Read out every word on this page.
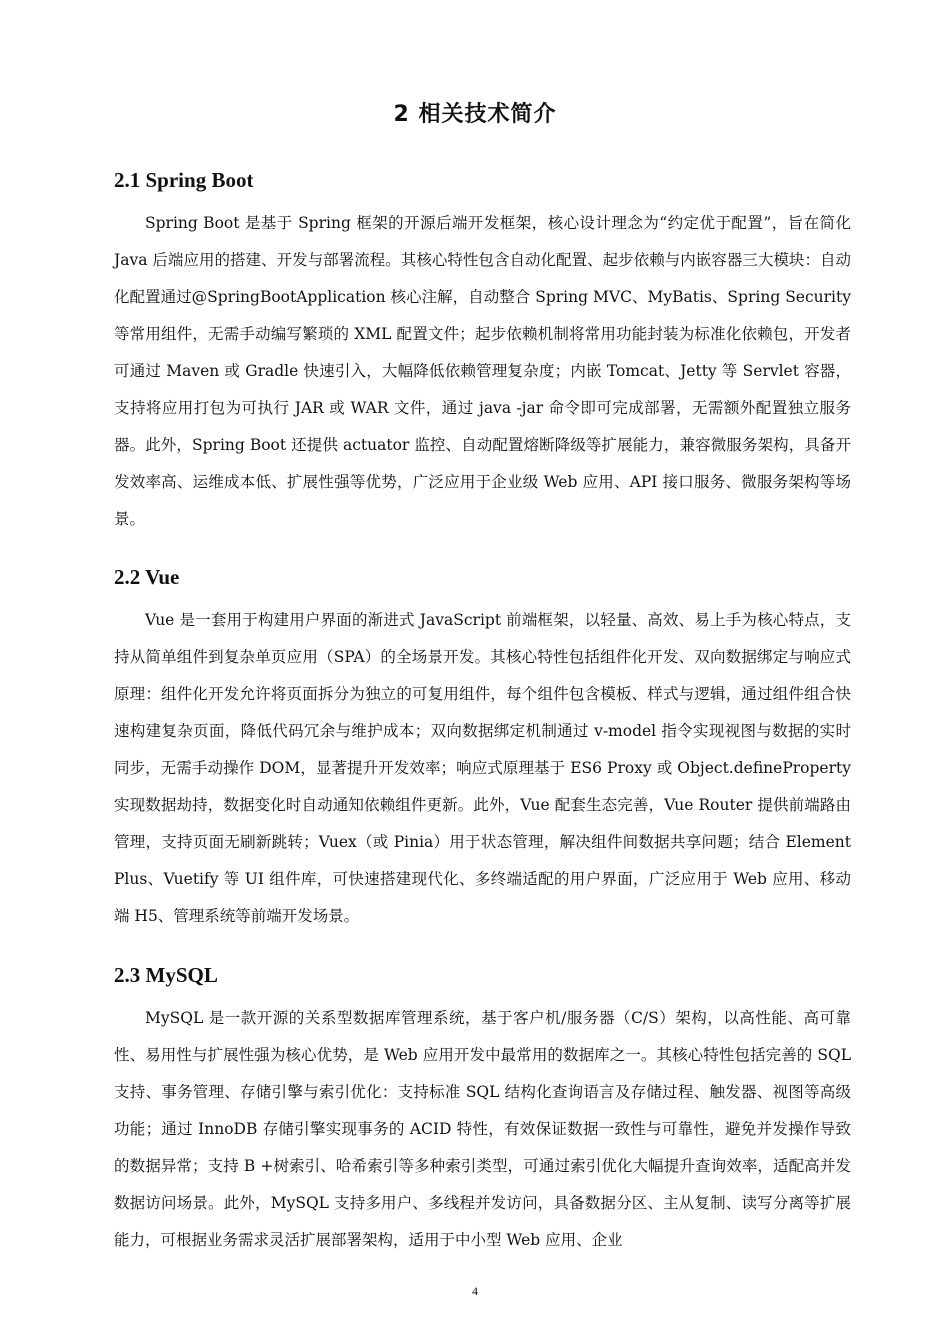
2 相关技术简介
2.1 Spring Boot

Spring Boot 是基于 Spring 框架的开源后端开发框架，核心设计理念为“约定优于配置”，旨在简化 Java 后端应用的搭建、开发与部署流程。其核心特性包含自动化配置、起步依赖与内嵌容器三大模块：自动化配置通过@SpringBootApplication 核心注解，自动整合 Spring MVC、MyBatis、Spring Security 等常用组件，无需手动编写繁琐的 XML 配置文件；起步依赖机制将常用功能封装为标准化依赖包，开发者可通过 Maven 或 Gradle 快速引入，大幅降低依赖管理复杂度；内嵌 Tomcat、Jetty 等 Servlet 容器，支持将应用打包为可执行 JAR 或 WAR 文件，通过 java -jar 命令即可完成部署，无需额外配置独立服务器。此外，Spring Boot 还提供 actuator 监控、自动配置熔断降级等扩展能力，兼容微服务架构，具备开发效率高、运维成本低、扩展性强等优势，广泛应用于企业级 Web 应用、API 接口服务、微服务架构等场景。

2.2 Vue

Vue 是一套用于构建用户界面的渐进式 JavaScript 前端框架，以轻量、高效、易上手为核心特点，支持从简单组件到复杂单页应用（SPA）的全场景开发。其核心特性包括组件化开发、双向数据绑定与响应式原理：组件化开发允许将页面拆分为独立的可复用组件，每个组件包含模板、样式与逻辑，通过组件组合快速构建复杂页面，降低代码冗余与维护成本；双向数据绑定机制通过 v-model 指令实现视图与数据的实时同步，无需手动操作 DOM，显著提升开发效率；响应式原理基于 ES6 Proxy 或 Object.defineProperty 实现数据劫持，数据变化时自动通知依赖组件更新。此外，Vue 配套生态完善，Vue Router 提供前端路由管理，支持页面无刷新跳转；Vuex（或 Pinia）用于状态管理，解决组件间数据共享问题；结合 Element Plus、Vuetify 等 UI 组件库，可快速搭建现代化、多终端适配的用户界面，广泛应用于 Web 应用、移动端 H5、管理系统等前端开发场景。

2.3 MySQL

MySQL 是一款开源的关系型数据库管理系统，基于客户机/服务器（C/S）架构，以高性能、高可靠性、易用性与扩展性强为核心优势，是 Web 应用开发中最常用的数据库之一。其核心特性包括完善的 SQL 支持、事务管理、存储引擎与索引优化：支持标准 SQL 结构化查询语言及存储过程、触发器、视图等高级功能；通过 InnoDB 存储引擎实现事务的 ACID 特性，有效保证数据一致性与可靠性，避免并发操作导致的数据异常；支持 B +树索引、哈希索引等多种索引类型，可通过索引优化大幅提升查询效率，适配高并发数据访问场景。此外，MySQL 支持多用户、多线程并发访问，具备数据分区、主从复制、读写分离等扩展能力，可根据业务需求灵活扩展部署架构，适用于中小型 Web 应用、企业

4
